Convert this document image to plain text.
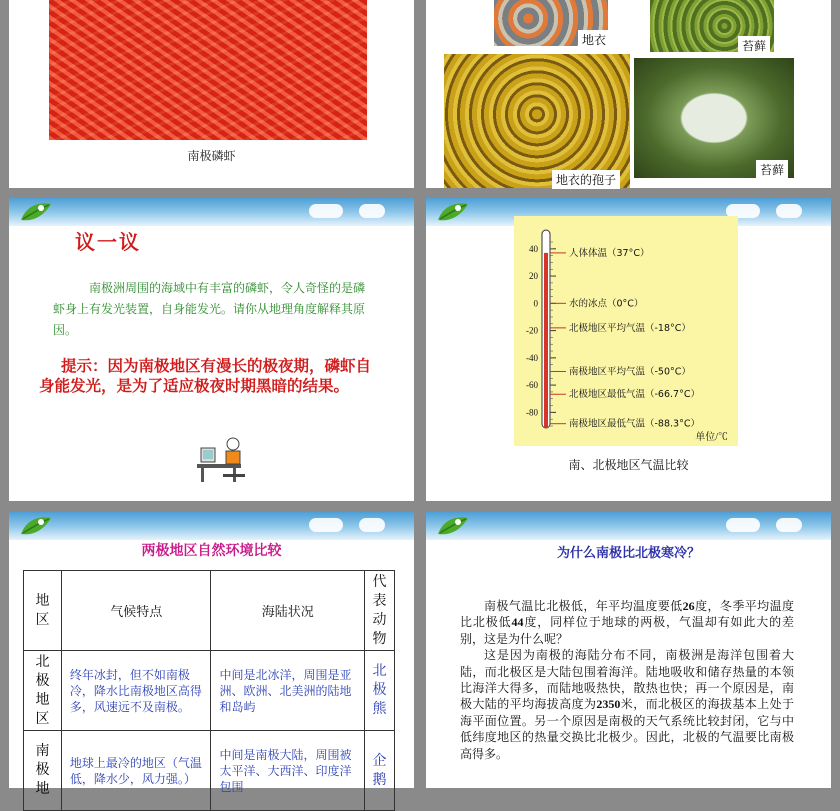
南极磷虾
地衣	苔藓
地衣的孢子
苔藓
议一议
南极洲周围的海域中有丰富的磷虾，令人奇怪的是磷虾身上有发光装置，自身能发光。请你从地理角度解释其原因。
提示：因为南极地区有漫长的极夜期，磷虾自身能发光，是为了适应极夜时期黑暗的结果。
40
20
0
-20
-40
-60
-80
人体体温（37°C）
水的冰点（0°C）
北极地区平均气温（-18°C）
南极地区平均气温（-50°C）
北极地区最低气温（-66.7°C）
南极地区最低气温（-88.3°C）
单位/℃
南、北极地区气温比较
两极地区自然环境比较
地区	气候特点	海陆状况	代表动物

北极地区	终年冰封，但不如南极冷，降水比南极地区高得多，风速远不及南极。	中间是北冰洋，周围是亚洲、欧洲、北美洲的陆地和岛屿	北极熊

南极地	地球上最冷的地区（气温低，降水少，风力强。）	中间是南极大陆，周围被太平洋、大西洋、印度洋包围	企鹅
为什么南极比北极寒冷？

南极气温比北极低，年平均温度要低26度，冬季平均温度比北极低44度，同样位于地球的两极，气温却有如此大的差别，这是为什么呢？

这是因为南极的海陆分布不同，南极洲是海洋包围着大陆，而北极区是大陆包围着海洋。陆地吸收和储存热量的本领比海洋大得多，而陆地吸热快，散热也快；再一个原因是，南极大陆的平均海拔高度为2350米，而北极区的海拔基本上处于海平面位置。另一个原因是南极的天气系统比较封闭，它与中低纬度地区的热量交换比北极少。因此，北极的气温要比南极高得多。
